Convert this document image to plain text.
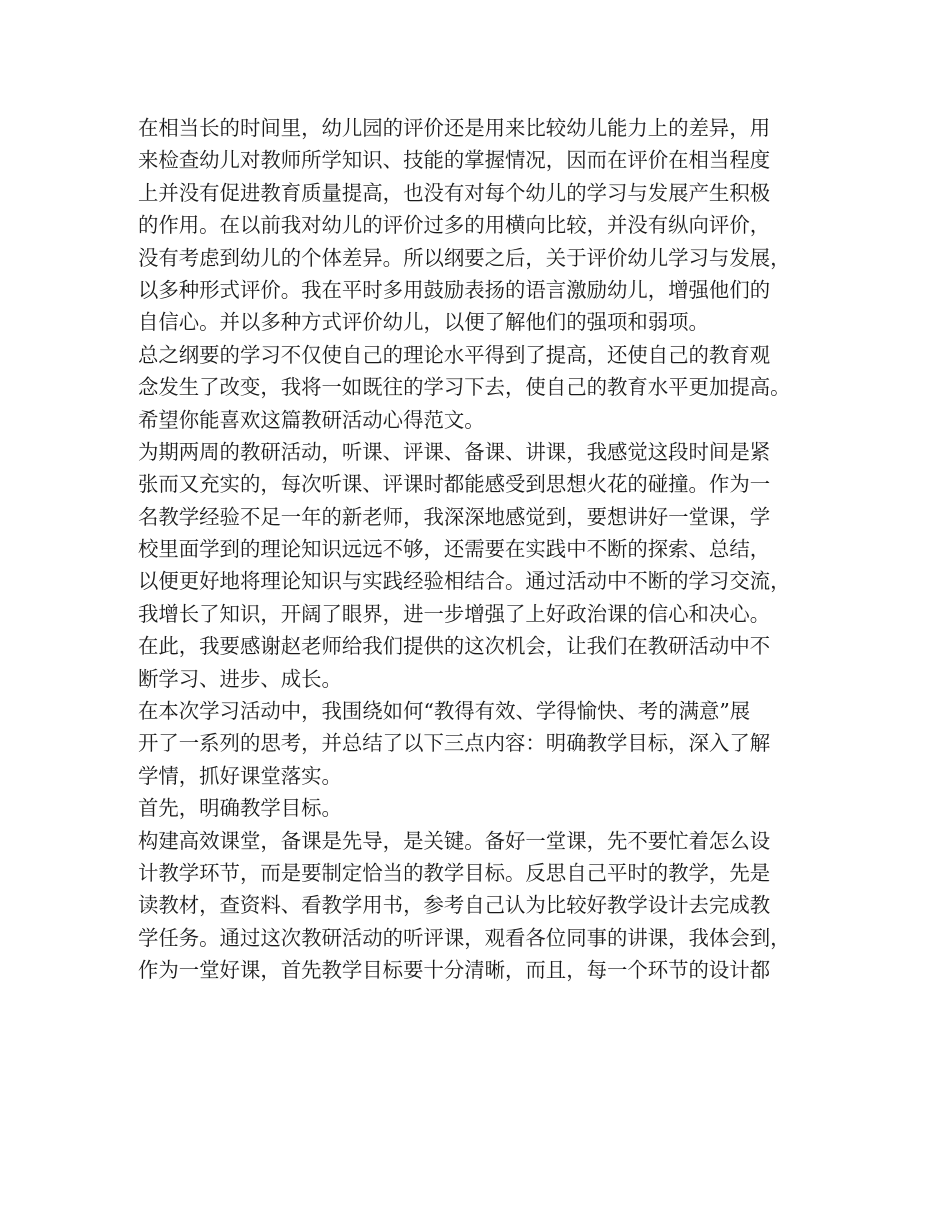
在相当长的时间里，幼儿园的评价还是用来比较幼儿能力上的差异，用
来检查幼儿对教师所学知识、技能的掌握情况，因而在评价在相当程度
上并没有促进教育质量提高，也没有对每个幼儿的学习与发展产生积极
的作用。在以前我对幼儿的评价过多的用横向比较，并没有纵向评价，
没有考虑到幼儿的个体差异。所以纲要之后，关于评价幼儿学习与发展，
以多种形式评价。我在平时多用鼓励表扬的语言激励幼儿，增强他们的
自信心。并以多种方式评价幼儿，以便了解他们的强项和弱项。
总之纲要的学习不仅使自己的理论水平得到了提高，还使自己的教育观
念发生了改变，我将一如既往的学习下去，使自己的教育水平更加提高。
希望你能喜欢这篇教研活动心得范文。
为期两周的教研活动，听课、评课、备课、讲课，我感觉这段时间是紧
张而又充实的，每次听课、评课时都能感受到思想火花的碰撞。作为一
名教学经验不足一年的新老师，我深深地感觉到，要想讲好一堂课，学
校里面学到的理论知识远远不够，还需要在实践中不断的探索、总结，
以便更好地将理论知识与实践经验相结合。通过活动中不断的学习交流，
我增长了知识，开阔了眼界，进一步增强了上好政治课的信心和决心。
在此，我要感谢赵老师给我们提供的这次机会，让我们在教研活动中不
断学习、进步、成长。
在本次学习活动中，我围绕如何“教得有效、学得愉快、考的满意”展
开了一系列的思考，并总结了以下三点内容：明确教学目标，深入了解
学情，抓好课堂落实。
首先，明确教学目标。
构建高效课堂，备课是先导，是关键。备好一堂课，先不要忙着怎么设
计教学环节，而是要制定恰当的教学目标。反思自己平时的教学，先是
读教材，查资料、看教学用书，参考自己认为比较好教学设计去完成教
学任务。通过这次教研活动的听评课，观看各位同事的讲课，我体会到，
作为一堂好课，首先教学目标要十分清晰，而且，每一个环节的设计都
